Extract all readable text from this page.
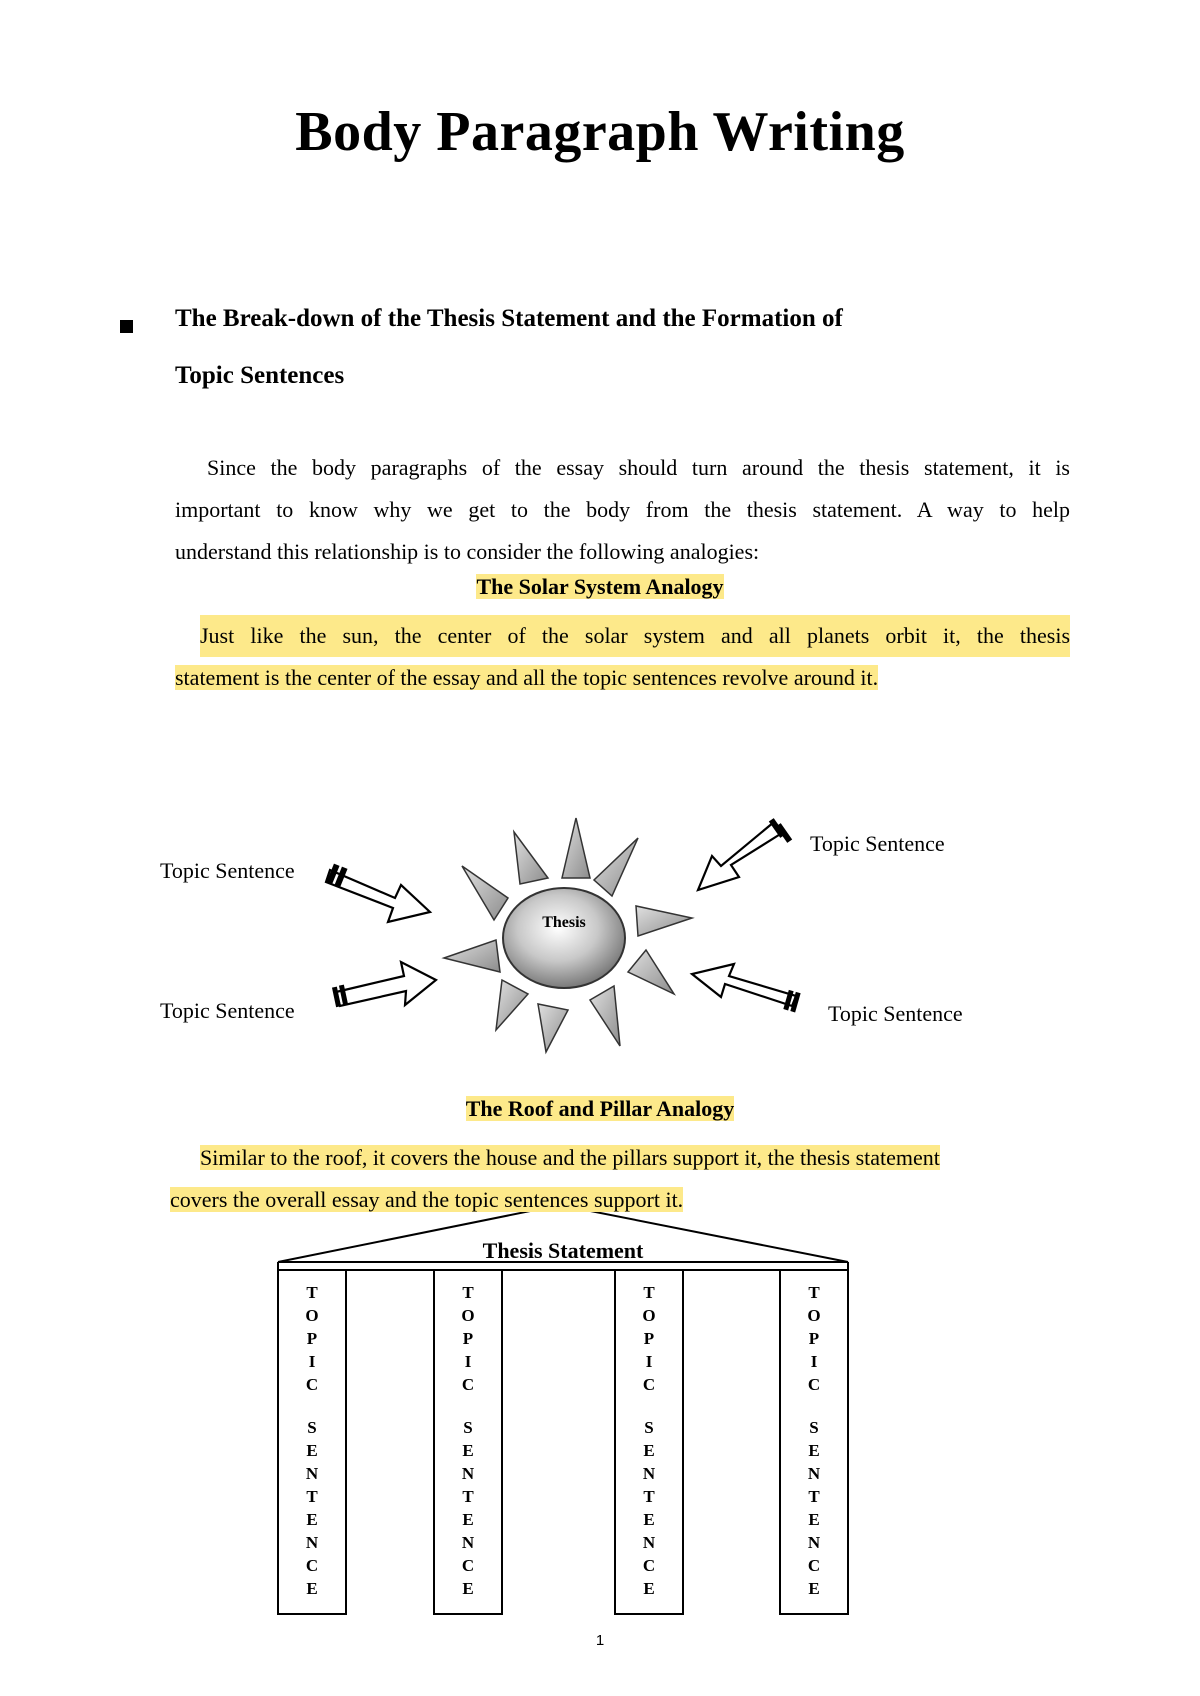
Body Paragraph Writing
The Break-down of the Thesis Statement and the Formation of
Topic Sentences
Since the body paragraphs of the essay should turn around the thesis statement, it is
important to know why we get to the body from the thesis statement. A way to help
understand this relationship is to consider the following analogies:
The Solar System Analogy
Just like the sun, the center of the solar system and all planets orbit it, the thesis
statement is the center of the essay and all the topic sentences revolve around it.
Thesis
Thesis Statement
T
O
P
I
C
S
E
N
T
E
N
C
E
T
O
P
I
C
S
E
N
T
E
N
C
E
T
O
P
I
C
S
E
N
T
E
N
C
E
T
O
P
I
C
S
E
N
T
E
N
C
E
Topic Sentence
Topic Sentence
Topic Sentence	Topic Sentence
The Roof and Pillar Analogy
Similar to the roof, it covers the house and the pillars support it, the thesis statement
covers the overall essay and the topic sentences support it.
1
